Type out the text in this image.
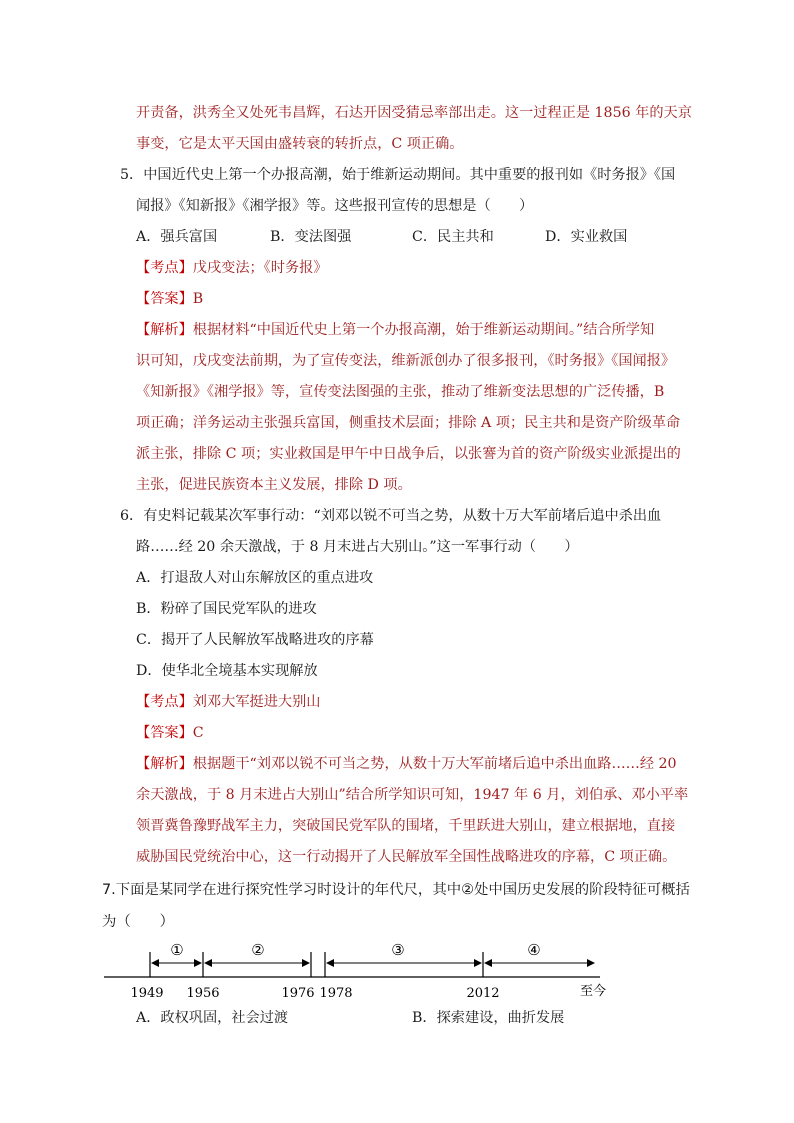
开责备，洪秀全又处死韦昌辉，石达开因受猜忌率部出走。这一过程正是 1856 年的天京
事变，它是太平天国由盛转衰的转折点，C 项正确。
5．中国近代史上第一个办报高潮，始于维新运动期间。其中重要的报刊如《时务报》《国
闻报》《知新报》《湘学报》等。这些报刊宣传的思想是（　　）
A．强兵富国	B．变法图强	C．民主共和	D．实业救国
【考点】戊戌变法；《时务报》
【答案】B
【解析】根据材料“中国近代史上第一个办报高潮，始于维新运动期间。”结合所学知
识可知，戊戌变法前期，为了宣传变法，维新派创办了很多报刊，《时务报》《国闻报》
《知新报》《湘学报》等，宣传变法图强的主张，推动了维新变法思想的广泛传播，B
项正确；洋务运动主张强兵富国，侧重技术层面；排除 A 项；民主共和是资产阶级革命
派主张，排除 C 项；实业救国是甲午中日战争后，以张謇为首的资产阶级实业派提出的
主张，促进民族资本主义发展，排除 D 项。
6．有史料记载某次军事行动：“刘邓以锐不可当之势，从数十万大军前堵后追中杀出血
路……经 20 余天激战，于 8 月末进占大别山。”这一军事行动（　　）
A．打退敌人对山东解放区的重点进攻
B．粉碎了国民党军队的进攻
C．揭开了人民解放军战略进攻的序幕
D．使华北全境基本实现解放
【考点】刘邓大军挺进大别山
【答案】C
【解析】根据题干“刘邓以锐不可当之势，从数十万大军前堵后追中杀出血路……经 20
余天激战，于 8 月末进占大别山”结合所学知识可知，1947 年 6 月，刘伯承、邓小平率
领晋冀鲁豫野战军主力，突破国民党军队的围堵，千里跃进大别山，建立根据地，直接
威胁国民党统治中心，这一行动揭开了人民解放军全国性战略进攻的序幕，C 项正确。
7.下面是某同学在进行探究性学习时设计的年代尺，其中②处中国历史发展的阶段特征可概括
为（　　）
①	②	③	④
1949 1956	1976 1978	2012	至今
A．政权巩固，社会过渡	B．探索建设，曲折发展
